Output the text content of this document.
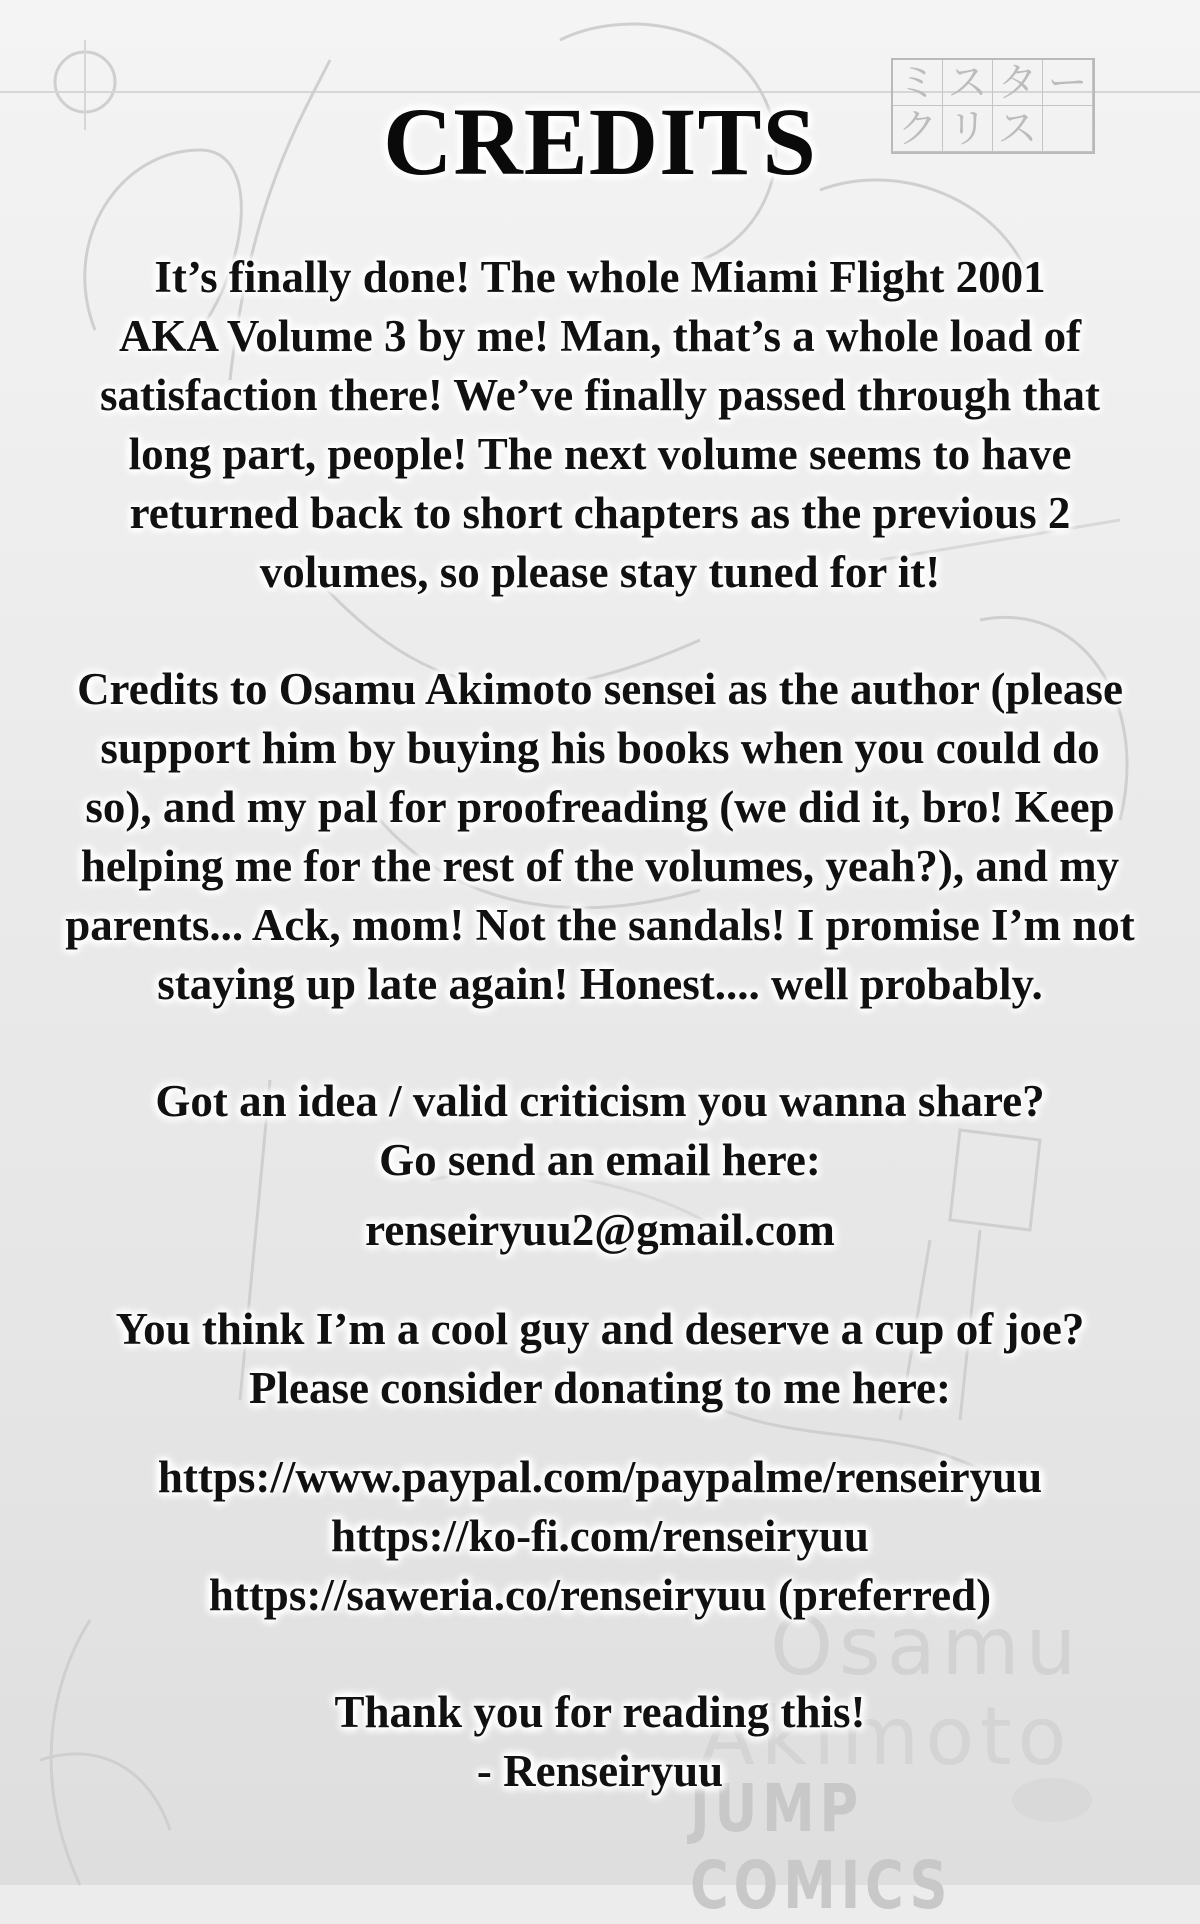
ミ ス タ ー
ク リ ス
Osamu
Akimoto
JUMP COMICS
CREDITS

It’s finally done! The whole Miami Flight 2001
AKA Volume 3 by me! Man, that’s a whole load of
satisfaction there! We’ve finally passed through that
long part, people! The next volume seems to have
returned back to short chapters as the previous 2
volumes, so please stay tuned for it!

Credits to Osamu Akimoto sensei as the author (please
support him by buying his books when you could do
so), and my pal for proofreading (we did it, bro! Keep
helping me for the rest of the volumes, yeah?), and my
parents... Ack, mom! Not the sandals! I promise I’m not
staying up late again! Honest.... well probably.

Got an idea / valid criticism you wanna share?
Go send an email here:

renseiryuu2@gmail.com

You think I’m a cool guy and deserve a cup of joe?
Please consider donating to me here:

https://www.paypal.com/paypalme/renseiryuu
https://ko-fi.com/renseiryuu
https://saweria.co/renseiryuu (preferred)

Thank you for reading this!
- Renseiryuu
